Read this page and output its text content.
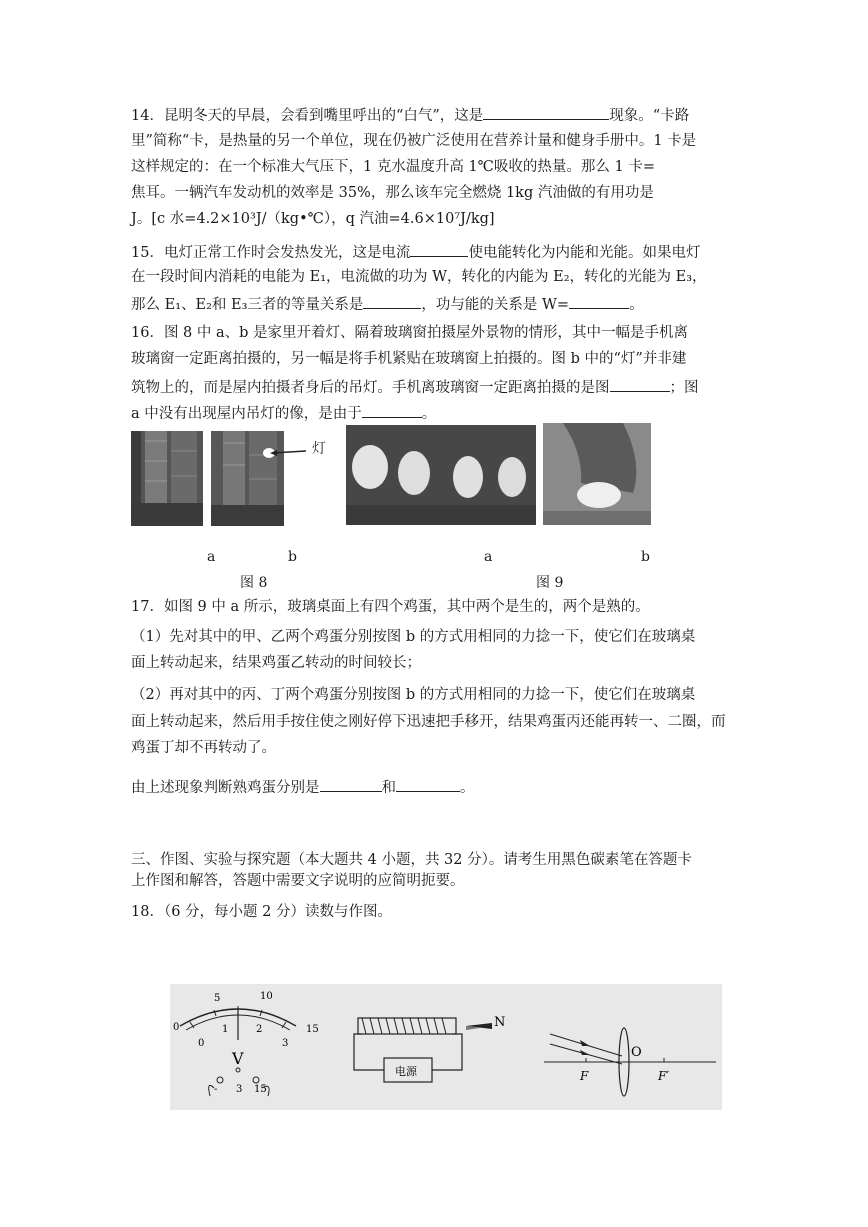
14．昆明冬天的早晨，会看到嘴里呼出的“白气”，这是	现象。“卡路
里”简称“卡，是热量的另一个单位，现在仍被广泛使用在营养计量和健身手册中。1 卡是
这样规定的：在一个标准大气压下，1 克水温度升高 1℃吸收的热量。那么 1 卡=
焦耳。一辆汽车发动机的效率是 35%，那么该车完全燃烧 1kg 汽油做的有用功是
J。[c 水=4.2×10³J/（kg•℃），q 汽油=4.6×10⁷J/kg]
15．电灯正常工作时会发热发光，这是电流	使电能转化为内能和光能。如果电灯
在一段时间内消耗的电能为 E₁，电流做的功为 W，转化的内能为 E₂，转化的光能为 E₃，
那么 E₁、E₂和 E₃三者的等量关系是	，功与能的关系是 W=	。
16．图 8 中 a、b 是家里开着灯、隔着玻璃窗拍摄屋外景物的情形，其中一幅是手机离
玻璃窗一定距离拍摄的，另一幅是将手机紧贴在玻璃窗上拍摄的。图 b 中的“灯”并非建
筑物上的，而是屋内拍摄者身后的吊灯。手机离玻璃窗一定距离拍摄的是图	；图
a 中没有出现屋内吊灯的像，是由于	。
灯
a	b	a	b
图 8	图 9
17．如图 9 中 a 所示，玻璃桌面上有四个鸡蛋，其中两个是生的，两个是熟的。
（1）先对其中的甲、乙两个鸡蛋分别按图 b 的方式用相同的力捻一下，使它们在玻璃桌
面上转动起来，结果鸡蛋乙转动的时间较长；
（2）再对其中的丙、丁两个鸡蛋分别按图 b 的方式用相同的力捻一下，使它们在玻璃桌
面上转动起来，然后用手按住使之刚好停下迅速把手移开，结果鸡蛋丙还能再转一、二圈，而
鸡蛋丁却不再转动了。
由上述现象判断熟鸡蛋分别是	和	。
三、作图、实验与探究题（本大题共 4 小题，共 32 分）。请考生用黑色碳素笔在答题卡
上作图和解答，答题中需要文字说明的应简明扼要。
18．（6 分，每小题 2 分）读数与作图。
0
5	10
15
0
1	2
3
V
- 3 15
电源
N
F
O
F′
